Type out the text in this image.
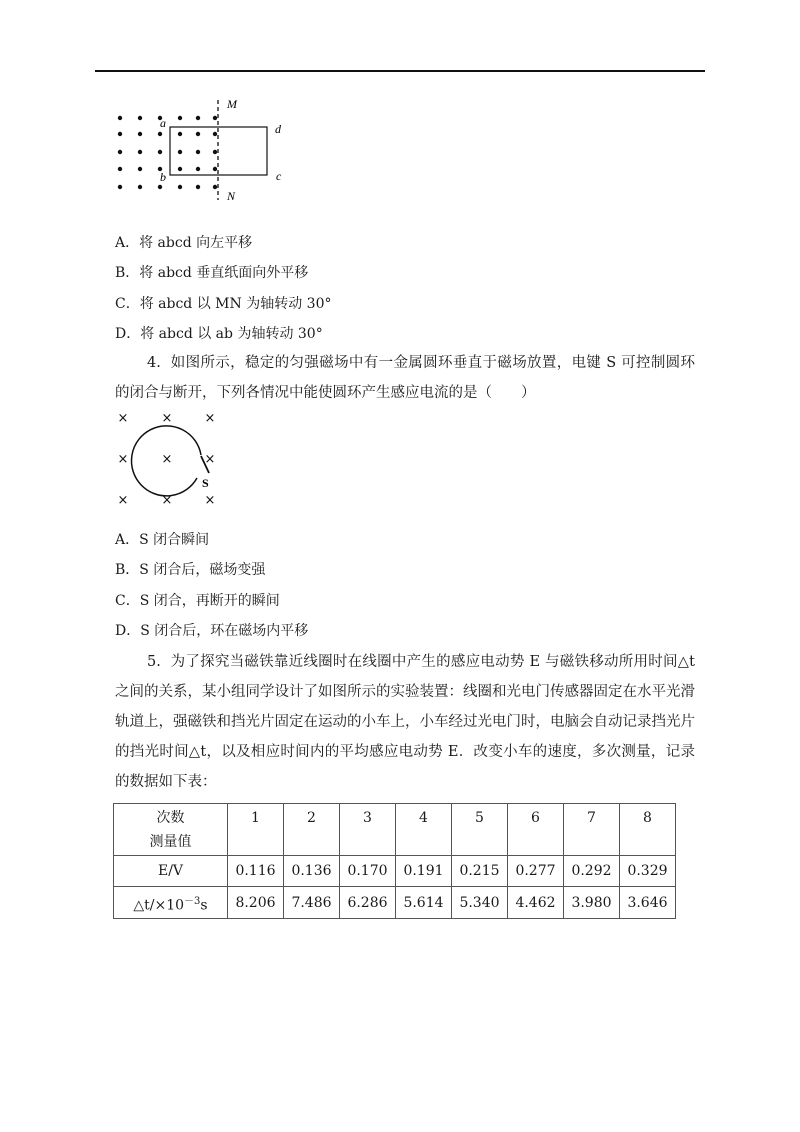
M
N
a
b
d
c
A．将 abcd 向左平移
B．将 abcd 垂直纸面向外平移
C．将 abcd 以 MN 为轴转动 30°
D．将 abcd 以 ab 为轴转动 30°
4. 如图所示，稳定的匀强磁场中有一金属圆环垂直于磁场放置，电键 S 可控制圆环的闭合与断开，下列各情况中能使圆环产生感应电流的是（　　）
×	× ×
×	× ×
×	× ×
S
A．S 闭合瞬间
B．S 闭合后，磁场变强
C．S 闭合，再断开的瞬间
D．S 闭合后，环在磁场内平移
5. 为了探究当磁铁靠近线圈时在线圈中产生的感应电动势 E 与磁铁移动所用时间△t 之间的关系，某小组同学设计了如图所示的实验装置：线圈和光电门传感器固定在水平光滑轨道上，强磁铁和挡光片固定在运动的小车上，小车经过光电门时，电脑会自动记录挡光片的挡光时间△t，以及相应时间内的平均感应电动势 E．改变小车的速度，多次测量，记录的数据如下表：
次数
测量值	1	2	3	4	5	6	7	8
E/V	0.116	0.136	0.170	0.191	0.215	0.277	0.292	0.329
$\triangle t/\times 10^{-3}s$	8.206	7.486	6.286	5.614	5.340	4.462	3.980	3.646
